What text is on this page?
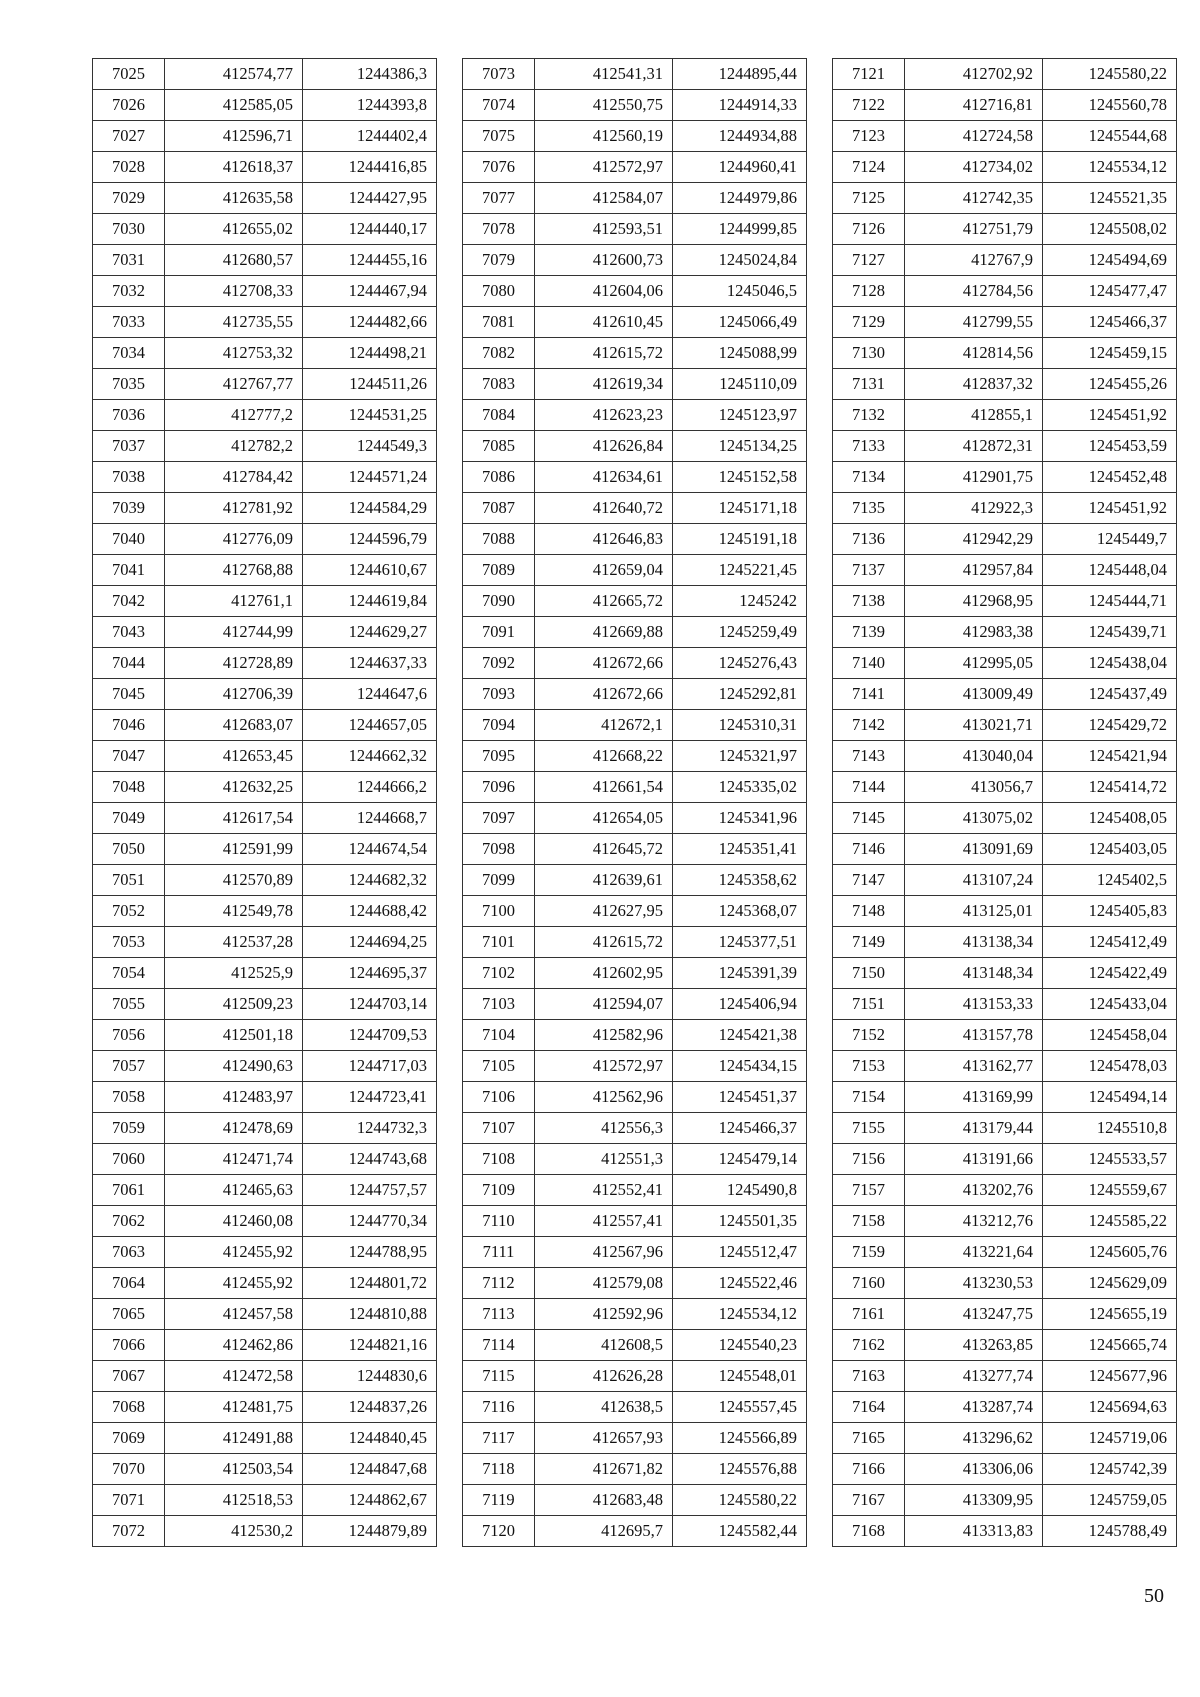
7025	412574,77	1244386,3
7026	412585,05	1244393,8
7027	412596,71	1244402,4
7028	412618,37	1244416,85
7029	412635,58	1244427,95
7030	412655,02	1244440,17
7031	412680,57	1244455,16
7032	412708,33	1244467,94
7033	412735,55	1244482,66
7034	412753,32	1244498,21
7035	412767,77	1244511,26
7036	412777,2	1244531,25
7037	412782,2	1244549,3
7038	412784,42	1244571,24
7039	412781,92	1244584,29
7040	412776,09	1244596,79
7041	412768,88	1244610,67
7042	412761,1	1244619,84
7043	412744,99	1244629,27
7044	412728,89	1244637,33
7045	412706,39	1244647,6
7046	412683,07	1244657,05
7047	412653,45	1244662,32
7048	412632,25	1244666,2
7049	412617,54	1244668,7
7050	412591,99	1244674,54
7051	412570,89	1244682,32
7052	412549,78	1244688,42
7053	412537,28	1244694,25
7054	412525,9	1244695,37
7055	412509,23	1244703,14
7056	412501,18	1244709,53
7057	412490,63	1244717,03
7058	412483,97	1244723,41
7059	412478,69	1244732,3
7060	412471,74	1244743,68
7061	412465,63	1244757,57
7062	412460,08	1244770,34
7063	412455,92	1244788,95
7064	412455,92	1244801,72
7065	412457,58	1244810,88
7066	412462,86	1244821,16
7067	412472,58	1244830,6
7068	412481,75	1244837,26
7069	412491,88	1244840,45
7070	412503,54	1244847,68
7071	412518,53	1244862,67
7072	412530,2	1244879,89
7073	412541,31	1244895,44
7074	412550,75	1244914,33
7075	412560,19	1244934,88
7076	412572,97	1244960,41
7077	412584,07	1244979,86
7078	412593,51	1244999,85
7079	412600,73	1245024,84
7080	412604,06	1245046,5
7081	412610,45	1245066,49
7082	412615,72	1245088,99
7083	412619,34	1245110,09
7084	412623,23	1245123,97
7085	412626,84	1245134,25
7086	412634,61	1245152,58
7087	412640,72	1245171,18
7088	412646,83	1245191,18
7089	412659,04	1245221,45
7090	412665,72	1245242
7091	412669,88	1245259,49
7092	412672,66	1245276,43
7093	412672,66	1245292,81
7094	412672,1	1245310,31
7095	412668,22	1245321,97
7096	412661,54	1245335,02
7097	412654,05	1245341,96
7098	412645,72	1245351,41
7099	412639,61	1245358,62
7100	412627,95	1245368,07
7101	412615,72	1245377,51
7102	412602,95	1245391,39
7103	412594,07	1245406,94
7104	412582,96	1245421,38
7105	412572,97	1245434,15
7106	412562,96	1245451,37
7107	412556,3	1245466,37
7108	412551,3	1245479,14
7109	412552,41	1245490,8
7110	412557,41	1245501,35
7111	412567,96	1245512,47
7112	412579,08	1245522,46
7113	412592,96	1245534,12
7114	412608,5	1245540,23
7115	412626,28	1245548,01
7116	412638,5	1245557,45
7117	412657,93	1245566,89
7118	412671,82	1245576,88
7119	412683,48	1245580,22
7120	412695,7	1245582,44
7121	412702,92	1245580,22
7122	412716,81	1245560,78
7123	412724,58	1245544,68
7124	412734,02	1245534,12
7125	412742,35	1245521,35
7126	412751,79	1245508,02
7127	412767,9	1245494,69
7128	412784,56	1245477,47
7129	412799,55	1245466,37
7130	412814,56	1245459,15
7131	412837,32	1245455,26
7132	412855,1	1245451,92
7133	412872,31	1245453,59
7134	412901,75	1245452,48
7135	412922,3	1245451,92
7136	412942,29	1245449,7
7137	412957,84	1245448,04
7138	412968,95	1245444,71
7139	412983,38	1245439,71
7140	412995,05	1245438,04
7141	413009,49	1245437,49
7142	413021,71	1245429,72
7143	413040,04	1245421,94
7144	413056,7	1245414,72
7145	413075,02	1245408,05
7146	413091,69	1245403,05
7147	413107,24	1245402,5
7148	413125,01	1245405,83
7149	413138,34	1245412,49
7150	413148,34	1245422,49
7151	413153,33	1245433,04
7152	413157,78	1245458,04
7153	413162,77	1245478,03
7154	413169,99	1245494,14
7155	413179,44	1245510,8
7156	413191,66	1245533,57
7157	413202,76	1245559,67
7158	413212,76	1245585,22
7159	413221,64	1245605,76
7160	413230,53	1245629,09
7161	413247,75	1245655,19
7162	413263,85	1245665,74
7163	413277,74	1245677,96
7164	413287,74	1245694,63
7165	413296,62	1245719,06
7166	413306,06	1245742,39
7167	413309,95	1245759,05
7168	413313,83	1245788,49
50
